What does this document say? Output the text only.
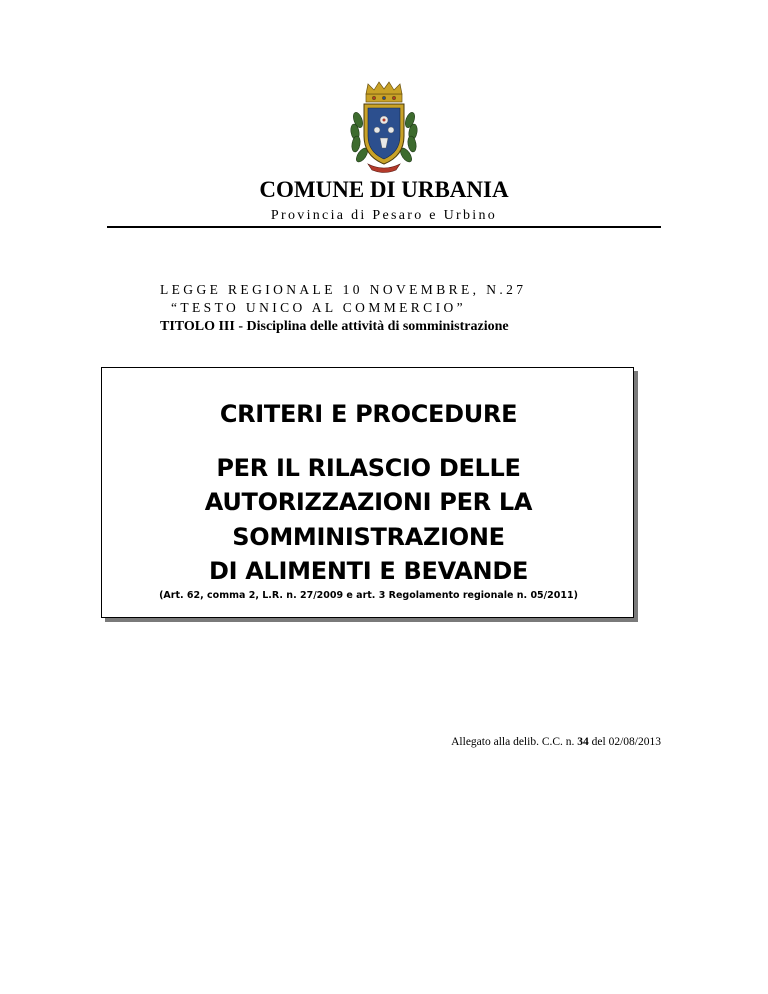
COMUNE DI URBANIA
Provincia di Pesaro e Urbino
LEGGE REGIONALE 10 NOVEMBRE, N.27
“TESTO UNICO AL COMMERCIO”
TITOLO III - Disciplina delle attività di somministrazione
CRITERI E PROCEDURE
PER IL RILASCIO DELLE
AUTORIZZAZIONI PER LA
SOMMINISTRAZIONE
DI ALIMENTI E BEVANDE
(Art. 62, comma 2, L.R. n. 27/2009 e art. 3 Regolamento regionale n. 05/2011)
Allegato alla delib. C.C. n. 34 del 02/08/2013
